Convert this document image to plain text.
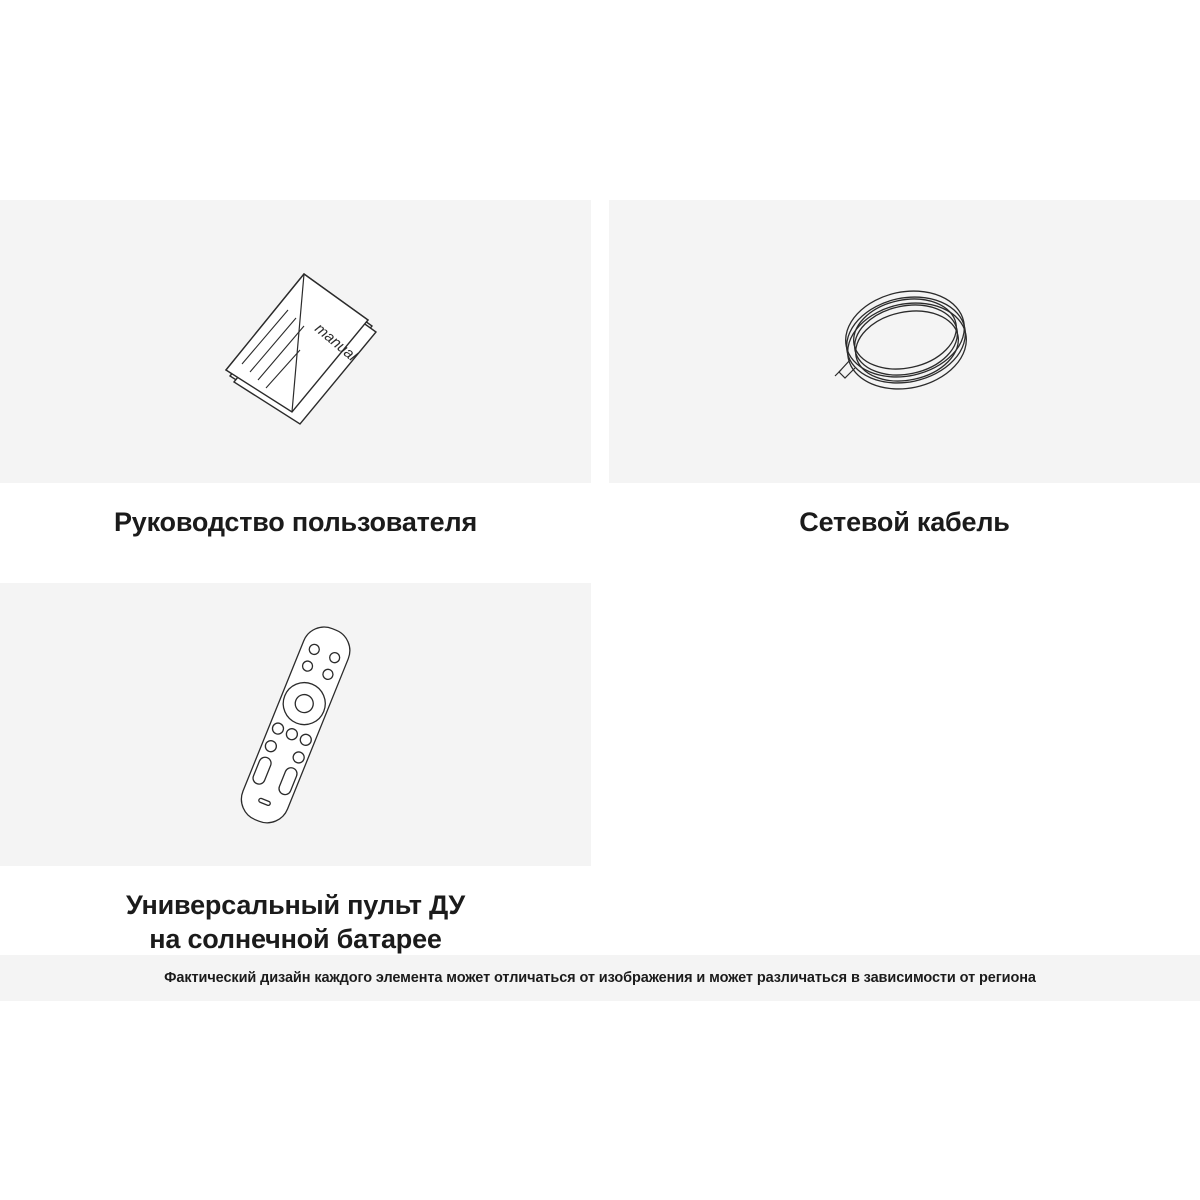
manual
Руководство пользователя	Сетевой кабель
Универсальный пульт ДУ
на солнечной батарее
Фактический дизайн каждого элемента может отличаться от изображения и может различаться в зависимости от региона
